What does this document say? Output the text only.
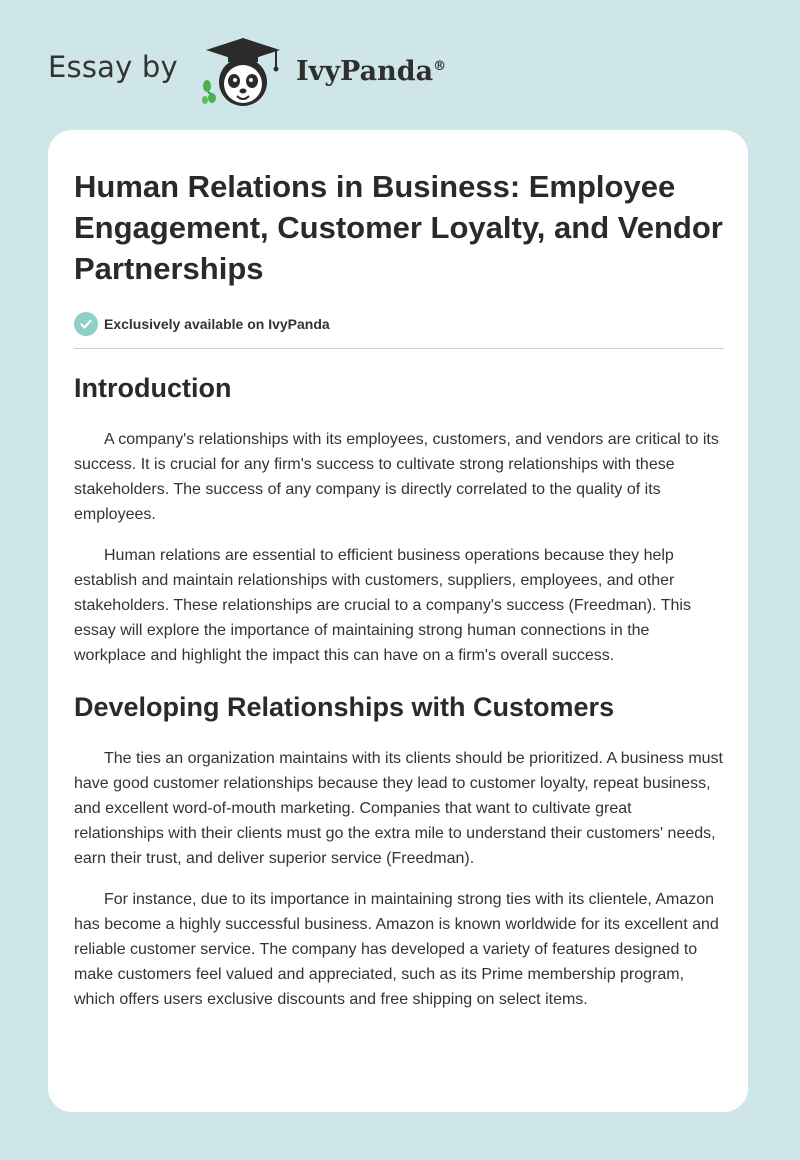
Essay by	IvyPanda®
Human Relations in Business: Employee Engagement, Customer Loyalty, and Vendor Partnerships
Exclusively available on IvyPanda
Introduction

A company's relationships with its employees, customers, and vendors are critical to its success. It is crucial for any firm's success to cultivate strong relationships with these stakeholders. The success of any company is directly correlated to the quality of its employees.

Human relations are essential to efficient business operations because they help establish and maintain relationships with customers, suppliers, employees, and other stakeholders. These relationships are crucial to a company's success (Freedman). This essay will explore the importance of maintaining strong human connections in the workplace and highlight the impact this can have on a firm's overall success.

Developing Relationships with Customers

The ties an organization maintains with its clients should be prioritized. A business must have good customer relationships because they lead to customer loyalty, repeat business, and excellent word-of-mouth marketing. Companies that want to cultivate great relationships with their clients must go the extra mile to understand their customers' needs, earn their trust, and deliver superior service (Freedman).

For instance, due to its importance in maintaining strong ties with its clientele, Amazon has become a highly successful business. Amazon is known worldwide for its excellent and reliable customer service. The company has developed a variety of features designed to make customers feel valued and appreciated, such as its Prime membership program, which offers users exclusive discounts and free shipping on select items.
